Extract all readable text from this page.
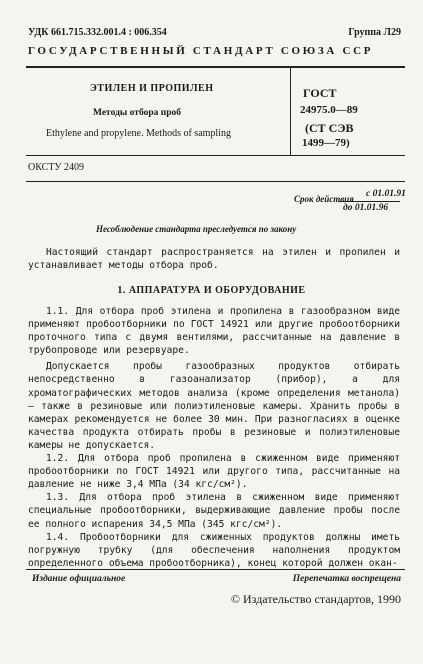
УДК 661.715.332.001.4 : 006.354	Группа Л29
ГОСУДАРСТВЕННЫЙ СТАНДАРТ СОЮЗА ССР
ЭТИЛЕН И ПРОПИЛЕН
Методы отбора проб
Ethylene and propylene. Methods of sampling
ГОСТ
24975.0—89
(СТ СЭВ
1499—79)
ОКСТУ 2409
Срок действия с 01.01.91
до 01.01.96
Несоблюдение стандарта преследуется по закону

Настоящий стандарт распространяется на этилен и пропилен и устанавливает методы отбора проб.

1. АППАРАТУРА И ОБОРУДОВАНИЕ

1.1. Для отбора проб этилена и пропилена в газообразном виде применяют пробоотборники по ГОСТ 14921 или другие пробоотборники проточного типа с двумя вентилями, рассчитанные на давление в трубопроводе или резервуаре.

Допускается пробы газообразных продуктов отбирать непосредственно в газоанализатор (прибор), а для хроматографических методов анализа (кроме определения метанола) — также в резиновые или полиэтиленовые камеры. Хранить пробы в камерах рекомендуется не более 30 мин. При разногласиях в оценке качества продукта отбирать пробы в резиновые и полиэтиленовые камеры не допускается.

1.2. Для отбора проб пропилена в сжиженном виде применяют пробоотборники по ГОСТ 14921 или другого типа, рассчитанные на давление не ниже 3,4 МПа (34 кгс/см²).

1.3. Для отбора проб этилена в сжиженном виде применяют специальные пробоотборники, выдерживающие давление пробы после ее полного испарения 34,5 МПа (345 кгс/см²).

1.4. Пробоотборники для сжиженных продуктов должны иметь погружную трубку (для обеспечения наполнения продуктом определенного объема пробоотборника), конец которой должен окан-

Издание официальное	Перепечатка воспрещена
© Издательство стандартов, 1990
